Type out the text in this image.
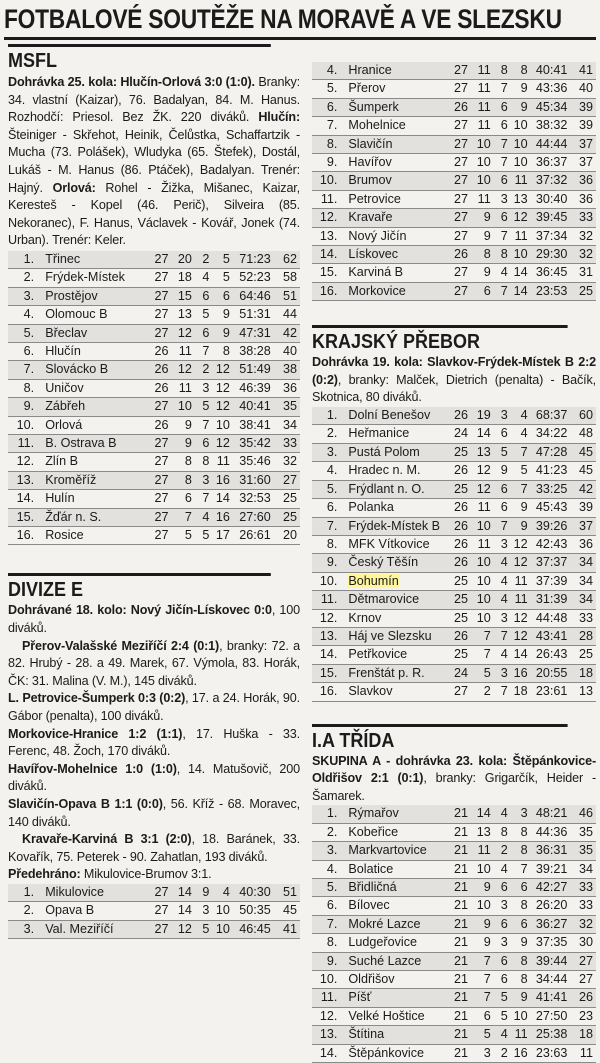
FOTBALOVÉ SOUTĚŽE NA MORAVĚ A VE SLEZSKU
MSFL
Dohrávka 25. kola: Hlučín-Orlová 3:0 (1:0). Branky: 34. vlastní (Kaizar), 76. Badalyan, 84. M. Hanus. Rozhodčí: Priesol. Bez ŽK. 220 diváků. Hlučín: Šteiniger - Skřehot, Heinik, Čelůstka, Schaffartzik - Mucha (73. Polášek), Wludyka (65. Štefek), Dostál, Lukáš - M. Hanus (86. Ptáček), Badalyan. Trenér: Hajný. Orlová: Rohel - Žižka, Mišanec, Kaizar, Keresteš - Kopel (46. Perič), Silveira (85. Nekoranec), F. Hanus, Václavek - Kovář, Jonek (74. Urban). Trenér: Keler.
1.	Třinec	27	20	2	5	71:23	62
2.	Frýdek-Místek	27	18	4	5	52:23	58
3.	Prostějov	27	15	6	6	64:46	51
4.	Olomouc B	27	13	5	9	51:31	44
5.	Břeclav	27	12	6	9	47:31	42
6.	Hlučín	26	11	7	8	38:28	40
7.	Slovácko B	26	12	2	12	51:49	38
8.	Uničov	26	11	3	12	46:39	36
9.	Zábřeh	27	10	5	12	40:41	35
10.	Orlová	26	9	7	10	38:41	34
11.	B. Ostrava B	27	9	6	12	35:42	33
12.	Zlín B	27	8	8	11	35:46	32
13.	Kroměříž	27	8	3	16	31:60	27
14.	Hulín	27	6	7	14	32:53	25
15.	Žďár n. S.	27	7	4	16	27:60	25
16.	Rosice	27	5	5	17	26:61	20
DIVIZE E
Dohrávané 18. kolo: Nový Jičín-Lískovec 0:0, 100 diváků.
Přerov-Valašské Meziříčí 2:4 (0:1), branky: 72. a 82. Hrubý - 28. a 49. Marek, 67. Výmola, 83. Horák, ČK: 31. Malina (V. M.), 145 diváků.
L. Petrovice-Šumperk 0:3 (0:2), 17. a 24. Horák, 90. Gábor (penalta), 100 diváků.
Morkovice-Hranice 1:2 (1:1), 17. Huška - 33. Ferenc, 48. Žoch, 170 diváků.
Havířov-Mohelnice 1:0 (1:0), 14. Matušovič, 200 diváků.
Slavičín-Opava B 1:1 (0:0), 56. Kříž - 68. Moravec, 140 diváků.
Kravaře-Karviná B 3:1 (2:0), 18. Baránek, 33. Kovařík, 75. Peterek - 90. Zahatlan, 193 diváků.
Předehráno: Mikulovice-Brumov 3:1.
1.	Mikulovice	27	14	9	4	40:30	51
2.	Opava B	27	14	3	10	50:35	45
3.	Val. Meziříčí	27	12	5	10	46:45	41
4.	Hranice	27	11	8	8	40:41	41
5.	Přerov	27	11	7	9	43:36	40
6.	Šumperk	26	11	6	9	45:34	39
7.	Mohelnice	27	11	6	10	38:32	39
8.	Slavičín	27	10	7	10	44:44	37
9.	Havířov	27	10	7	10	36:37	37
10.	Brumov	27	10	6	11	37:32	36
11.	Petrovice	27	11	3	13	30:40	36
12.	Kravaře	27	9	6	12	39:45	33
13.	Nový Jičín	27	9	7	11	37:34	32
14.	Lískovec	26	8	8	10	29:30	32
15.	Karviná B	27	9	4	14	36:45	31
16.	Morkovice	27	6	7	14	23:53	25
KRAJSKÝ PŘEBOR
Dohrávka 19. kola: Slavkov-Frýdek-Místek B 2:2 (0:2), branky: Malček, Dietrich (penalta) - Bačík, Skotnica, 80 diváků.
1.	Dolní Benešov	26	19	3	4	68:37	60
2.	Heřmanice	24	14	6	4	34:22	48
3.	Pustá Polom	25	13	5	7	47:28	45
4.	Hradec n. M.	26	12	9	5	41:23	45
5.	Frýdlant n. O.	25	12	6	7	33:25	42
6.	Polanka	26	11	6	9	45:43	39
7.	Frýdek-Místek B	26	10	7	9	39:26	37
8.	MFK Vítkovice	26	11	3	12	42:43	36
9.	Český Těšín	26	10	4	12	37:37	34
10.	Bohumín	25	10	4	11	37:39	34
11.	Dětmarovice	25	10	4	11	31:39	34
12.	Krnov	25	10	3	12	44:48	33
13.	Háj ve Slezsku	26	7	7	12	43:41	28
14.	Petřkovice	25	7	4	14	26:43	25
15.	Frenštát p. R.	24	5	3	16	20:55	18
16.	Slavkov	27	2	7	18	23:61	13
I.A TŘÍDA
SKUPINA A - dohrávka 23. kola: Štěpánkovice-Oldřišov 2:1 (0:1), branky: Grigarčík, Heider - Šamarek.
1.	Rýmařov	21	14	4	3	48:21	46
2.	Kobeřice	21	13	8	8	44:36	35
3.	Markvartovice	21	11	2	8	36:31	35
4.	Bolatice	21	10	4	7	39:21	34
5.	Břidličná	21	9	6	6	42:27	33
6.	Bílovec	21	10	3	8	26:20	33
7.	Mokré Lazce	21	9	6	6	36:27	32
8.	Ludgeřovice	21	9	3	9	37:35	30
9.	Suché Lazce	21	7	6	8	39:44	27
10.	Oldřišov	21	7	6	8	34:44	27
11.	Píšť	21	7	5	9	41:41	26
12.	Velké Hoštice	21	6	5	10	27:50	23
13.	Štítina	21	5	4	11	25:38	18
14.	Štěpánkovice	21	3	2	16	23:63	11
